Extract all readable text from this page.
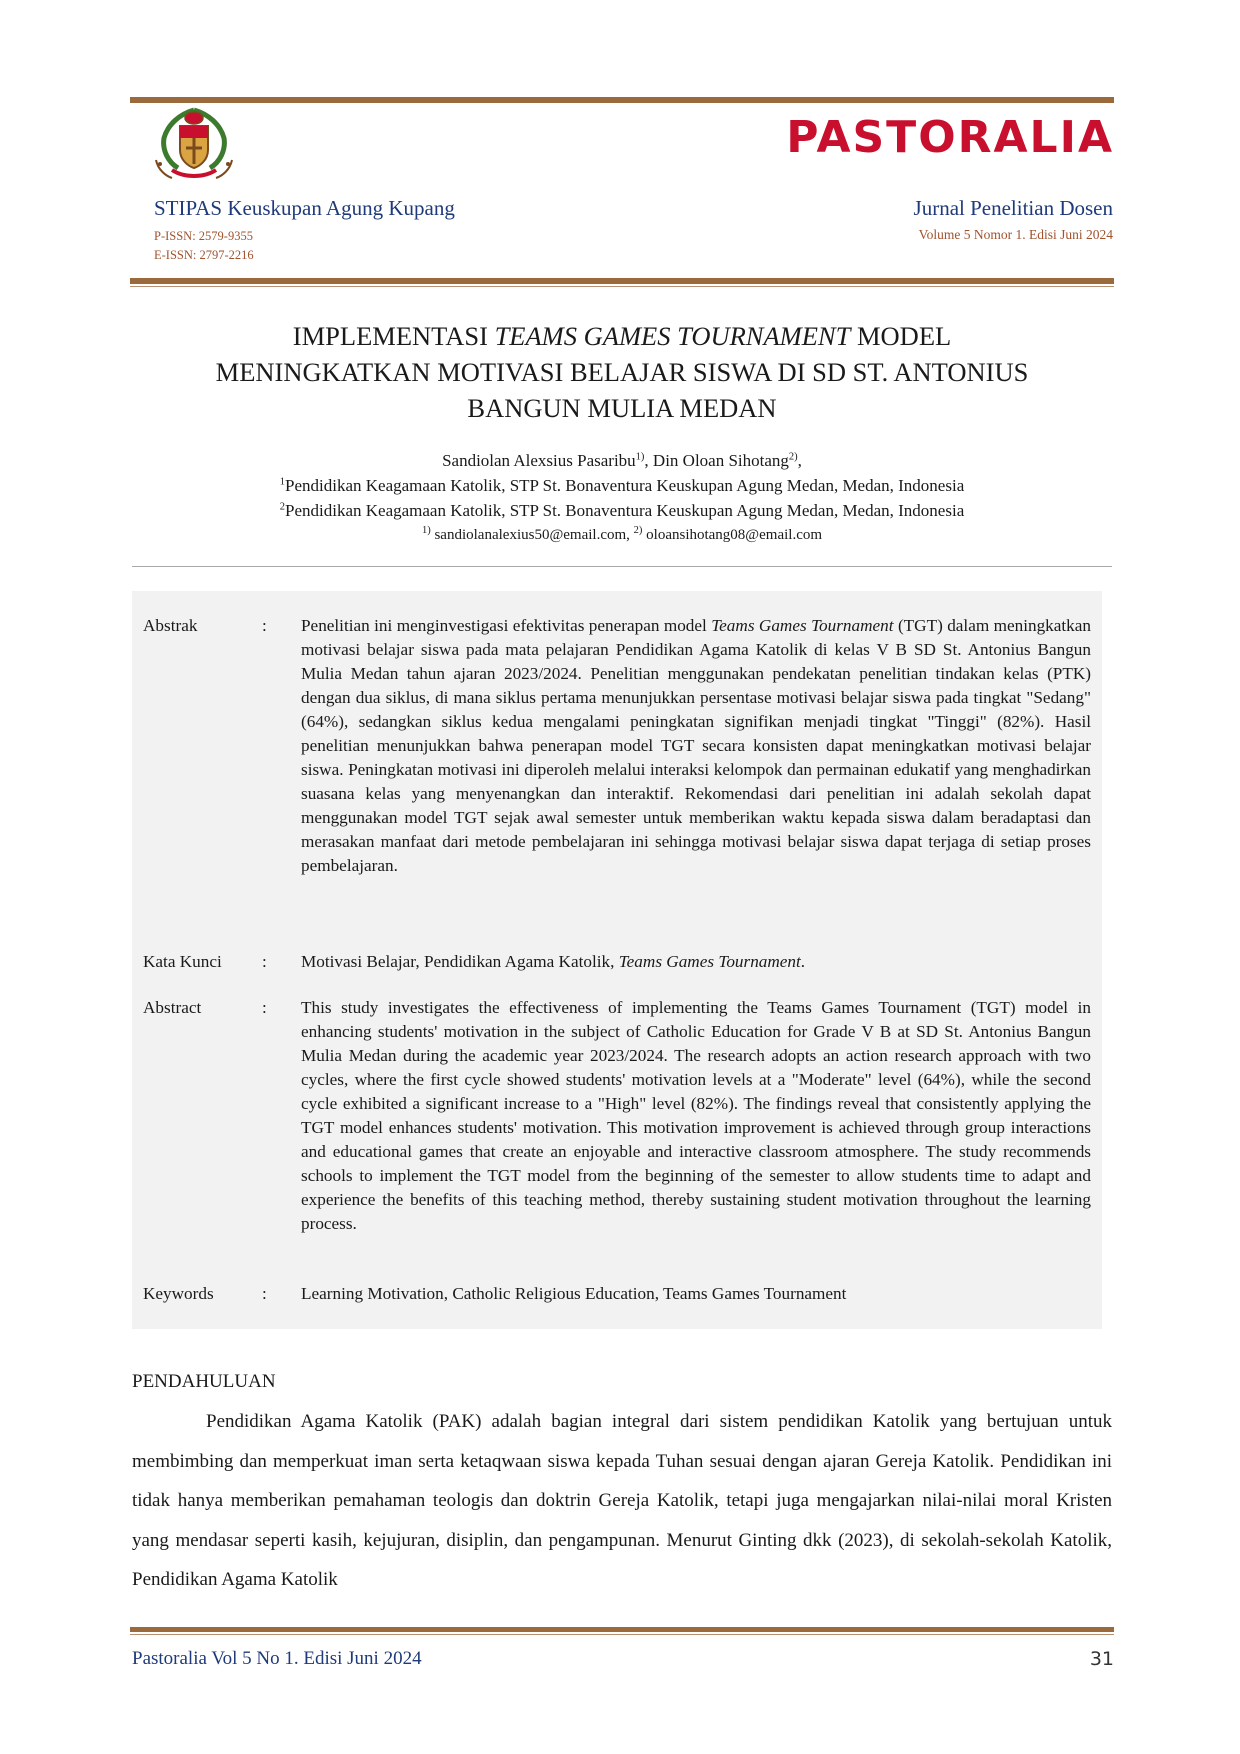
PASTORALIA
STIPAS Keuskupan Agung Kupang
P-ISSN: 2579-9355
E-ISSN: 2797-2216
Jurnal Penelitian Dosen
Volume 5 Nomor 1. Edisi Juni 2024
IMPLEMENTASI TEAMS GAMES TOURNAMENT MODEL
MENINGKATKAN MOTIVASI BELAJAR SISWA DI SD ST. ANTONIUS
BANGUN MULIA MEDAN
Sandiolan Alexsius Pasaribu$^{1)}$, Din Oloan Sihotang$^{2)}$,
$^1$Pendidikan Keagamaan Katolik, STP St. Bonaventura Keuskupan Agung Medan, Medan, Indonesia
$^2$Pendidikan Keagamaan Katolik, STP St. Bonaventura Keuskupan Agung Medan, Medan, Indonesia
$^{1)}$ sandiolanalexius50@email.com, $^{2)}$ oloansihotang08@email.com
Abstrak	: Penelitian ini menginvestigasi efektivitas penerapan model Teams Games Tournament (TGT) dalam meningkatkan motivasi belajar siswa pada mata pelajaran Pendidikan Agama Katolik di kelas V B SD St. Antonius Bangun Mulia Medan tahun ajaran 2023/2024. Penelitian menggunakan pendekatan penelitian tindakan kelas (PTK) dengan dua siklus, di mana siklus pertama menunjukkan persentase motivasi belajar siswa pada tingkat "Sedang" (64%), sedangkan siklus kedua mengalami peningkatan signifikan menjadi tingkat "Tinggi" (82%). Hasil penelitian menunjukkan bahwa penerapan model TGT secara konsisten dapat meningkatkan motivasi belajar siswa. Peningkatan motivasi ini diperoleh melalui interaksi kelompok dan permainan edukatif yang menghadirkan suasana kelas yang menyenangkan dan interaktif. Rekomendasi dari penelitian ini adalah sekolah dapat menggunakan model TGT sejak awal semester untuk memberikan waktu kepada siswa dalam beradaptasi dan merasakan manfaat dari metode pembelajaran ini sehingga motivasi belajar siswa dapat terjaga di setiap proses pembelajaran.
Kata Kunci	: Motivasi Belajar, Pendidikan Agama Katolik, Teams Games Tournament.
Abstract	: This study investigates the effectiveness of implementing the Teams Games Tournament (TGT) model in enhancing students' motivation in the subject of Catholic Education for Grade V B at SD St. Antonius Bangun Mulia Medan during the academic year 2023/2024. The research adopts an action research approach with two cycles, where the first cycle showed students' motivation levels at a "Moderate" level (64%), while the second cycle exhibited a significant increase to a "High" level (82%). The findings reveal that consistently applying the TGT model enhances students' motivation. This motivation improvement is achieved through group interactions and educational games that create an enjoyable and interactive classroom atmosphere. The study recommends schools to implement the TGT model from the beginning of the semester to allow students time to adapt and experience the benefits of this teaching method, thereby sustaining student motivation throughout the learning process.
Keywords	: Learning Motivation, Catholic Religious Education, Teams Games Tournament
PENDAHULUAN
Pendidikan Agama Katolik (PAK) adalah bagian integral dari sistem pendidikan Katolik yang bertujuan untuk membimbing dan memperkuat iman serta ketaqwaan siswa kepada Tuhan sesuai dengan ajaran Gereja Katolik. Pendidikan ini tidak hanya memberikan pemahaman teologis dan doktrin Gereja Katolik, tetapi juga mengajarkan nilai-nilai moral Kristen yang mendasar seperti kasih, kejujuran, disiplin, dan pengampunan. Menurut Ginting dkk (2023), di sekolah-sekolah Katolik, Pendidikan Agama Katolik
Pastoralia Vol 5 No 1. Edisi Juni 2024	31
